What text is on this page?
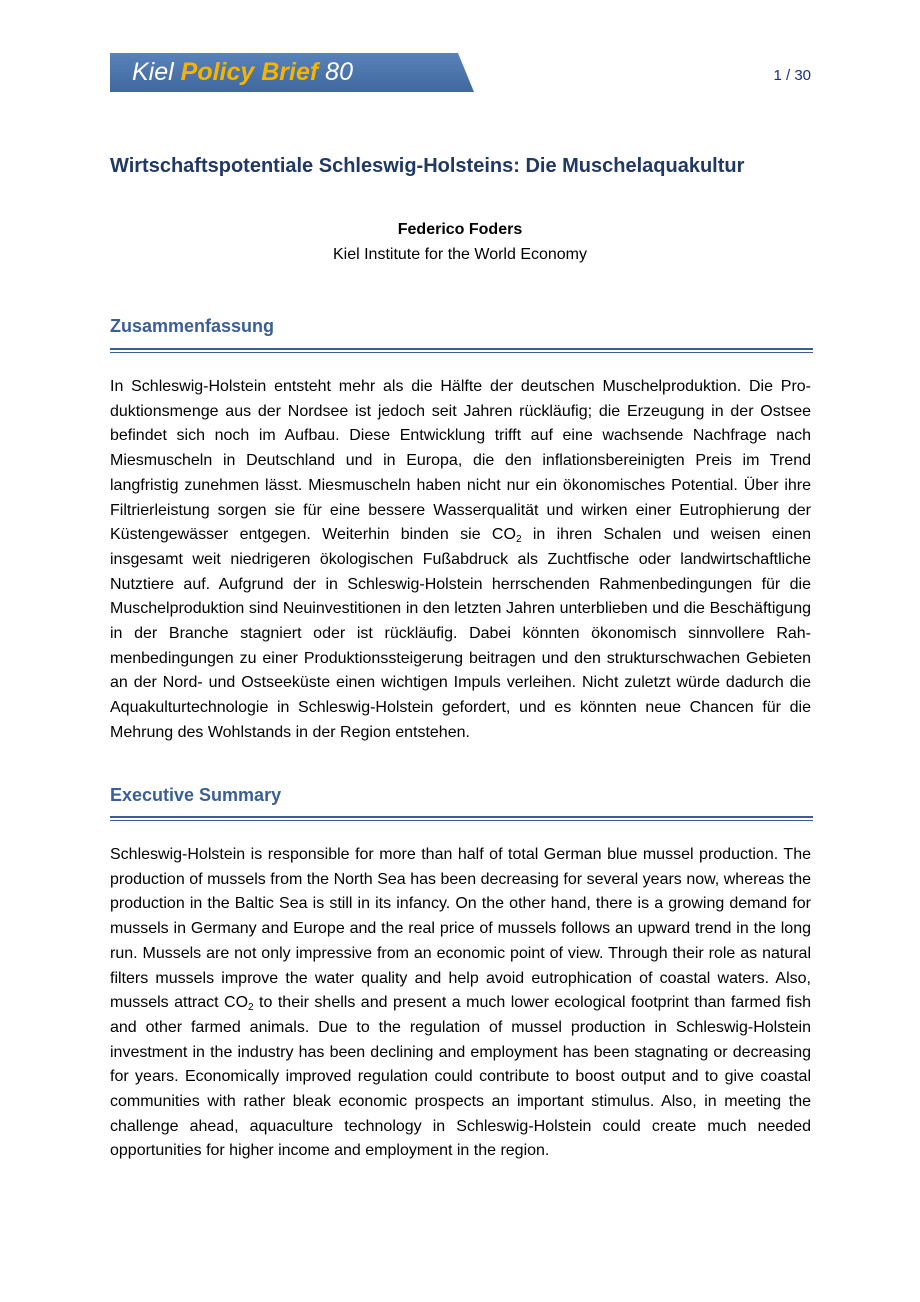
Kiel Policy Brief 80	1 / 30
Wirtschaftspotentiale Schleswig-Holsteins: Die Muschelaquakultur
Federico Foders
Kiel Institute for the World Economy
Zusammenfassung
In Schleswig-Holstein entsteht mehr als die Hälfte der deutschen Muschelproduktion. Die Produktionsmenge aus der Nordsee ist jedoch seit Jahren rückläufig; die Erzeugung in der Ostsee befindet sich noch im Aufbau. Diese Entwicklung trifft auf eine wachsende Nachfrage nach Miesmuscheln in Deutschland und in Europa, die den inflationsbereinigten Preis im Trend langfristig zunehmen lässt. Miesmuscheln haben nicht nur ein ökonomisches Potential. Über ihre Filtrierleistung sorgen sie für eine bessere Wasserqualität und wirken einer Eutrophierung der Küstengewässer entgegen. Weiterhin binden sie $CO_2$ in ihren Schalen und weisen einen insgesamt weit niedrigeren ökologischen Fußabdruck als Zuchtfische oder landwirtschaftliche Nutztiere auf. Aufgrund der in Schleswig-Holstein herrschenden Rahmenbedingungen für die Muschelproduktion sind Neuinvestitionen in den letzten Jahren unterblieben und die Beschäftigung in der Branche stagniert oder ist rückläufig. Dabei könnten ökonomisch sinnvollere Rahmenbedingungen zu einer Produktionssteigerung beitragen und den strukturschwachen Gebieten an der Nord- und Ostseeküste einen wichtigen Impuls verleihen. Nicht zuletzt würde dadurch die Aquakulturtechnologie in Schleswig-Holstein gefordert, und es könnten neue Chancen für die Mehrung des Wohlstands in der Region entstehen.
Executive Summary
Schleswig-Holstein is responsible for more than half of total German blue mussel production. The production of mussels from the North Sea has been decreasing for several years now, whereas the production in the Baltic Sea is still in its infancy. On the other hand, there is a growing demand for mussels in Germany and Europe and the real price of mussels follows an upward trend in the long run. Mussels are not only impressive from an economic point of view. Through their role as natural filters mussels improve the water quality and help avoid eutrophication of coastal waters. Also, mussels attract $CO_2$ to their shells and present a much lower ecological footprint than farmed fish and other farmed animals. Due to the regulation of mussel production in Schleswig-Holstein investment in the industry has been declining and employment has been stagnating or decreasing for years. Economically improved regulation could contribute to boost output and to give coastal communities with rather bleak economic prospects an important stimulus. Also, in meeting the challenge ahead, aquaculture technology in Schleswig-Holstein could create much needed opportunities for higher income and employment in the region.
